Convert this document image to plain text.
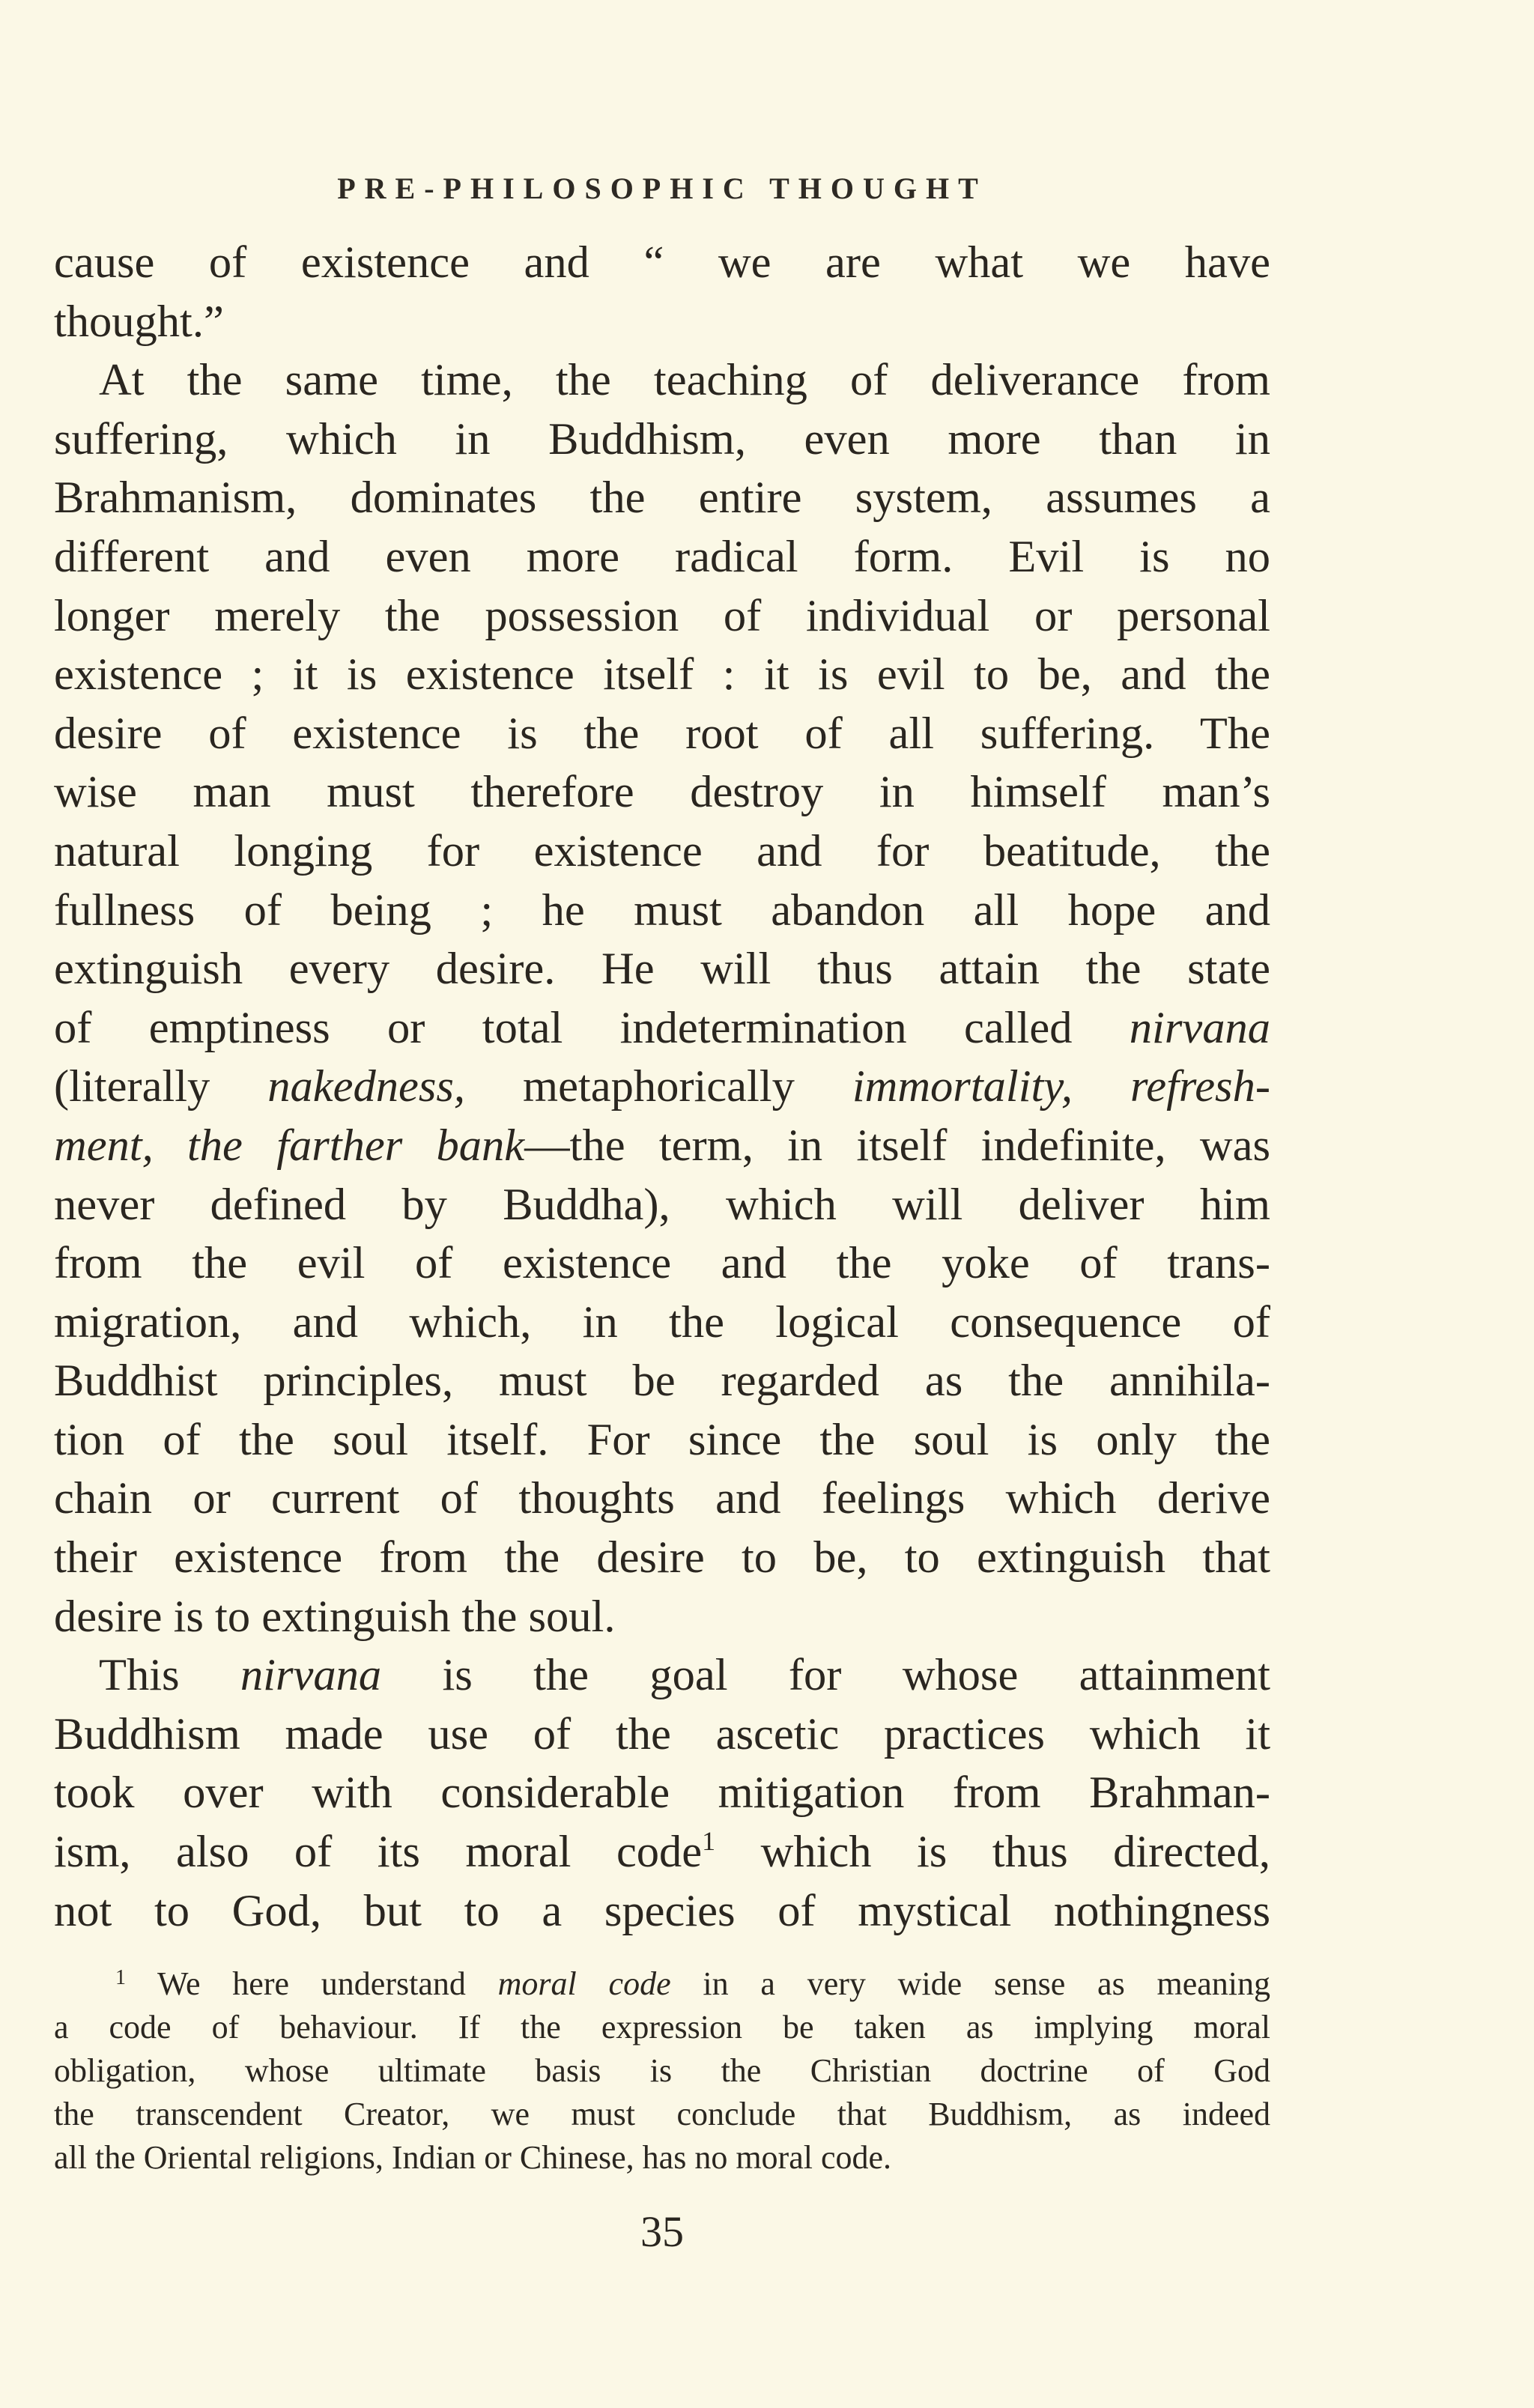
PRE-PHILOSOPHIC THOUGHT
cause of existence and “ we are what we have
thought.”
At the same time, the teaching of deliverance from
suffering, which in Buddhism, even more than in
Brahmanism, dominates the entire system, assumes a
different and even more radical form. Evil is no
longer merely the possession of individual or personal
existence ; it is existence itself : it is evil to be, and the
desire of existence is the root of all suffering. The
wise man must therefore destroy in himself man’s
natural longing for existence and for beatitude, the
fullness of being ; he must abandon all hope and
extinguish every desire. He will thus attain the state
of emptiness or total indetermination called nirvana
(literally nakedness, metaphorically immortality, refresh-
ment, the farther bank—the term, in itself indefinite, was
never defined by Buddha), which will deliver him
from the evil of existence and the yoke of trans-
migration, and which, in the logical consequence of
Buddhist principles, must be regarded as the annihila-
tion of the soul itself. For since the soul is only the
chain or current of thoughts and feelings which derive
their existence from the desire to be, to extinguish that
desire is to extinguish the soul.
This nirvana is the goal for whose attainment
Buddhism made use of the ascetic practices which it
took over with considerable mitigation from Brahman-
ism, also of its moral code$^1$ which is thus directed,
not to God, but to a species of mystical nothingness
$^1$ We here understand moral code in a very wide sense as meaning
a code of behaviour. If the expression be taken as implying moral
obligation, whose ultimate basis is the Christian doctrine of God
the transcendent Creator, we must conclude that Buddhism, as indeed
all the Oriental religions, Indian or Chinese, has no moral code.
35
